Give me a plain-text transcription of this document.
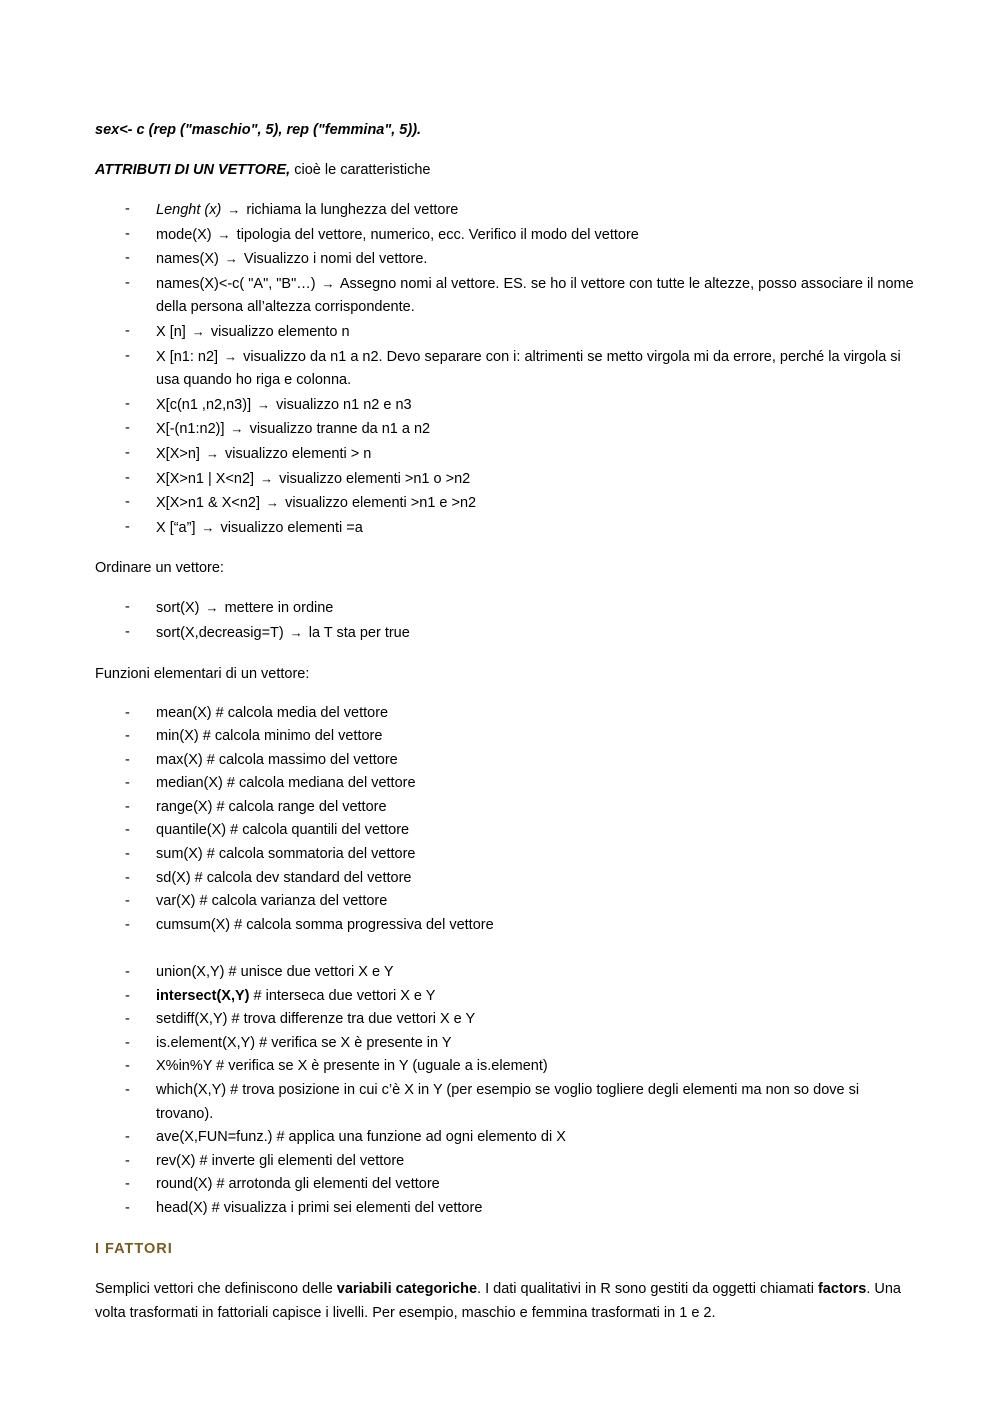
sex<- c (rep ("maschio", 5), rep ("femmina", 5)).

ATTRIBUTI DI UN VETTORE, cioè le caratteristiche

- Lenght (x) → richiama la lunghezza del vettore
- mode(X) → tipologia del vettore, numerico, ecc. Verifico il modo del vettore
- names(X) → Visualizzo i nomi del vettore.
- names(X)<-c( "A", "B"…) → Assegno nomi al vettore. ES. se ho il vettore con tutte le altezze, posso associare il nome della persona all’altezza corrispondente.
- X [n] → visualizzo elemento n
- X [n1: n2] → visualizzo da n1 a n2. Devo separare con i: altrimenti se metto virgola mi da errore, perché la virgola si usa quando ho riga e colonna.
- X[c(n1 ,n2,n3)] → visualizzo n1 n2 e n3
- X[-(n1:n2)] → visualizzo tranne da n1 a n2
- X[X>n] → visualizzo elementi > n
- X[X>n1 | X<n2] → visualizzo elementi >n1 o >n2
- X[X>n1 & X<n2] → visualizzo elementi >n1 e >n2
- X [“a”] → visualizzo elementi =a

Ordinare un vettore:

- sort(X) → mettere in ordine
- sort(X,decreasig=T) → la T sta per true

Funzioni elementari di un vettore:

- mean(X) # calcola media del vettore
- min(X) # calcola minimo del vettore
- max(X) # calcola massimo del vettore
- median(X) # calcola mediana del vettore
- range(X) # calcola range del vettore
- quantile(X) # calcola quantili del vettore
- sum(X) # calcola sommatoria del vettore
- sd(X) # calcola dev standard del vettore
- var(X) # calcola varianza del vettore
- cumsum(X) # calcola somma progressiva del vettore
- union(X,Y) # unisce due vettori X e Y
- intersect(X,Y) # interseca due vettori X e Y
- setdiff(X,Y) # trova differenze tra due vettori X e Y
- is.element(X,Y) # verifica se X è presente in Y
- X%in%Y # verifica se X è presente in Y (uguale a is.element)
- which(X,Y) # trova posizione in cui c’è X in Y (per esempio se voglio togliere degli elementi ma non so dove si trovano).
- ave(X,FUN=funz.) # applica una funzione ad ogni elemento di X
- rev(X) # inverte gli elementi del vettore
- round(X) # arrotonda gli elementi del vettore
- head(X) # visualizza i primi sei elementi del vettore

I FATTORI

Semplici vettori che definiscono delle variabili categoriche. I dati qualitativi in R sono gestiti da oggetti chiamati factors. Una volta trasformati in fattoriali capisce i livelli. Per esempio, maschio e femmina trasformati in 1 e 2.
